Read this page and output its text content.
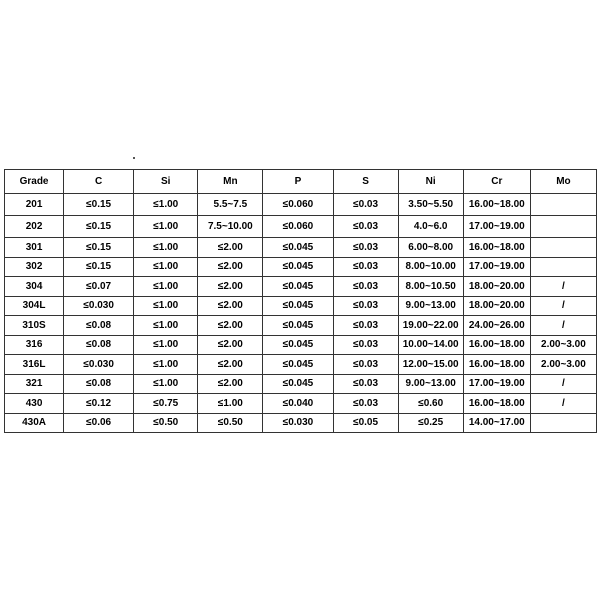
Grade	C	Si	Mn	P	S	Ni	Cr	Mo
201	≤0.15	≤1.00	5.5~7.5	≤0.060	≤0.03	3.50~5.50	16.00~18.00	
202	≤0.15	≤1.00	7.5~10.00	≤0.060	≤0.03	4.0~6.0	17.00~19.00	
301	≤0.15	≤1.00	≤2.00	≤0.045	≤0.03	6.00~8.00	16.00~18.00	
302	≤0.15	≤1.00	≤2.00	≤0.045	≤0.03	8.00~10.00	17.00~19.00	
304	≤0.07	≤1.00	≤2.00	≤0.045	≤0.03	8.00~10.50	18.00~20.00	/
304L	≤0.030	≤1.00	≤2.00	≤0.045	≤0.03	9.00~13.00	18.00~20.00	/
310S	≤0.08	≤1.00	≤2.00	≤0.045	≤0.03	19.00~22.00	24.00~26.00	/
316	≤0.08	≤1.00	≤2.00	≤0.045	≤0.03	10.00~14.00	16.00~18.00	2.00~3.00
316L	≤0.030	≤1.00	≤2.00	≤0.045	≤0.03	12.00~15.00	16.00~18.00	2.00~3.00
321	≤0.08	≤1.00	≤2.00	≤0.045	≤0.03	9.00~13.00	17.00~19.00	/
430	≤0.12	≤0.75	≤1.00	≤0.040	≤0.03	≤0.60	16.00~18.00	/
430A	≤0.06	≤0.50	≤0.50	≤0.030	≤0.05	≤0.25	14.00~17.00	
